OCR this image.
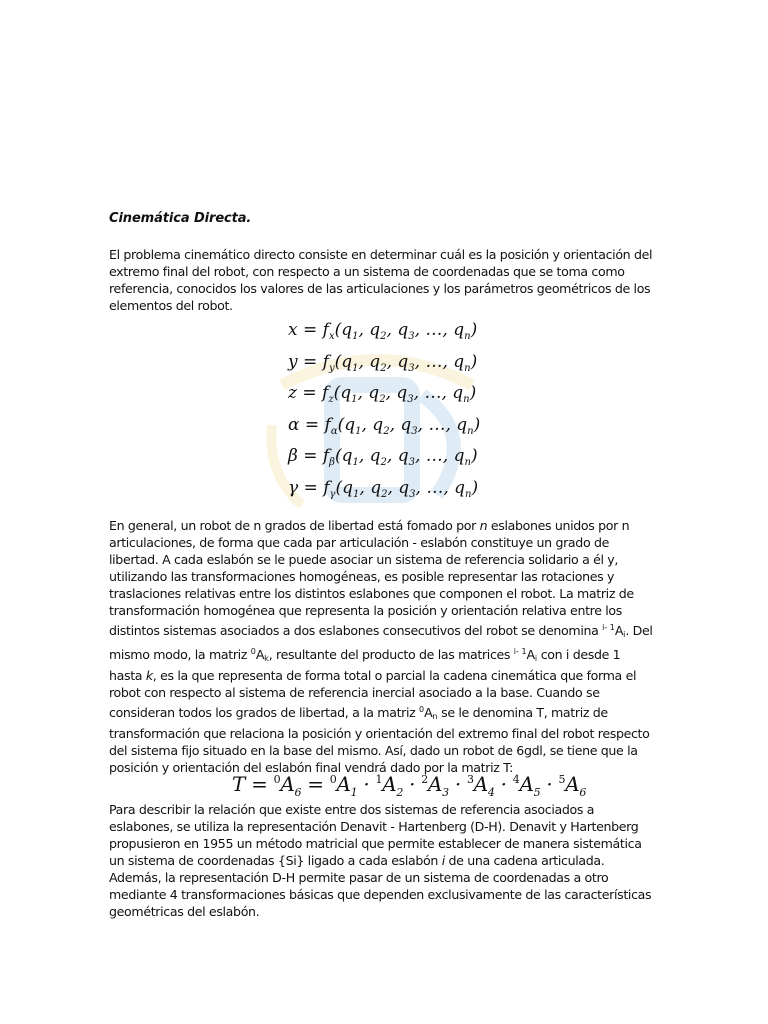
Cinemática Directa.

El problema cinemático directo consiste en determinar cuál es la posición y orientación del extremo final del robot, con respecto a un sistema de coordenadas que se toma como referencia, conocidos los valores de las articulaciones y los parámetros geométricos de los elementos del robot.

$x = f_x(q_1$, $q_2$, $q_3$, …, $q_n$)
$y = f_y(q_1$, $q_2$, $q_3$, …, $q_n$)
$z = f_z(q_1$, $q_2$, $q_3$, …, $q_n$)
$\alpha = f_\alpha(q_1$, $q_2$, $q_3$, …, $q_n$)
$\beta = f_\beta(q_1$, $q_2$, $q_3$, …, $q_n$)
$\gamma = f_\gamma(q_1$, $q_2$, $q_3$, …, $q_n$)

En general, un robot de n grados de libertad está fomado por n eslabones unidos por n articulaciones, de forma que cada par articulación - eslabón constituye un grado de libertad. A cada eslabón se le puede asociar un sistema de referencia solidario a él y, utilizando las transformaciones homogéneas, es posible representar las rotaciones y traslaciones relativas entre los distintos eslabones que componen el robot. La matriz de transformación homogénea que representa la posición y orientación relativa entre los distintos sistemas asociados a dos eslabones consecutivos del robot se denomina $^{i- 1}A_i$. Del mismo modo, la matriz $^0A_k$, resultante del producto de las matrices $^{i- 1}A_i$ con i desde 1 hasta k, es la que representa de forma total o parcial la cadena cinemática que forma el robot con respecto al sistema de referencia inercial asociado a la base. Cuando se consideran todos los grados de libertad, a la matriz $^0A_n$ se le denomina T, matriz de transformación que relaciona la posición y orientación del extremo final del robot respecto del sistema fijo situado en la base del mismo. Así, dado un robot de 6gdl, se tiene que la posición y orientación del eslabón final vendrá dado por la matriz T:

$T = ^0A_6 = ^0A_1 \cdot ^1A_2 \cdot ^2A_3 \cdot ^3A_4 \cdot ^4A_5 \cdot ^5A_6$

Para describir la relación que existe entre dos sistemas de referencia asociados a eslabones, se utiliza la representación Denavit - Hartenberg (D-H). Denavit y Hartenberg propusieron en 1955 un método matricial que permite establecer de manera sistemática un sistema de coordenadas {Si} ligado a cada eslabón i de una cadena articulada. Además, la representación D-H permite pasar de un sistema de coordenadas a otro mediante 4 transformaciones básicas que dependen exclusivamente de las características geométricas del eslabón.
